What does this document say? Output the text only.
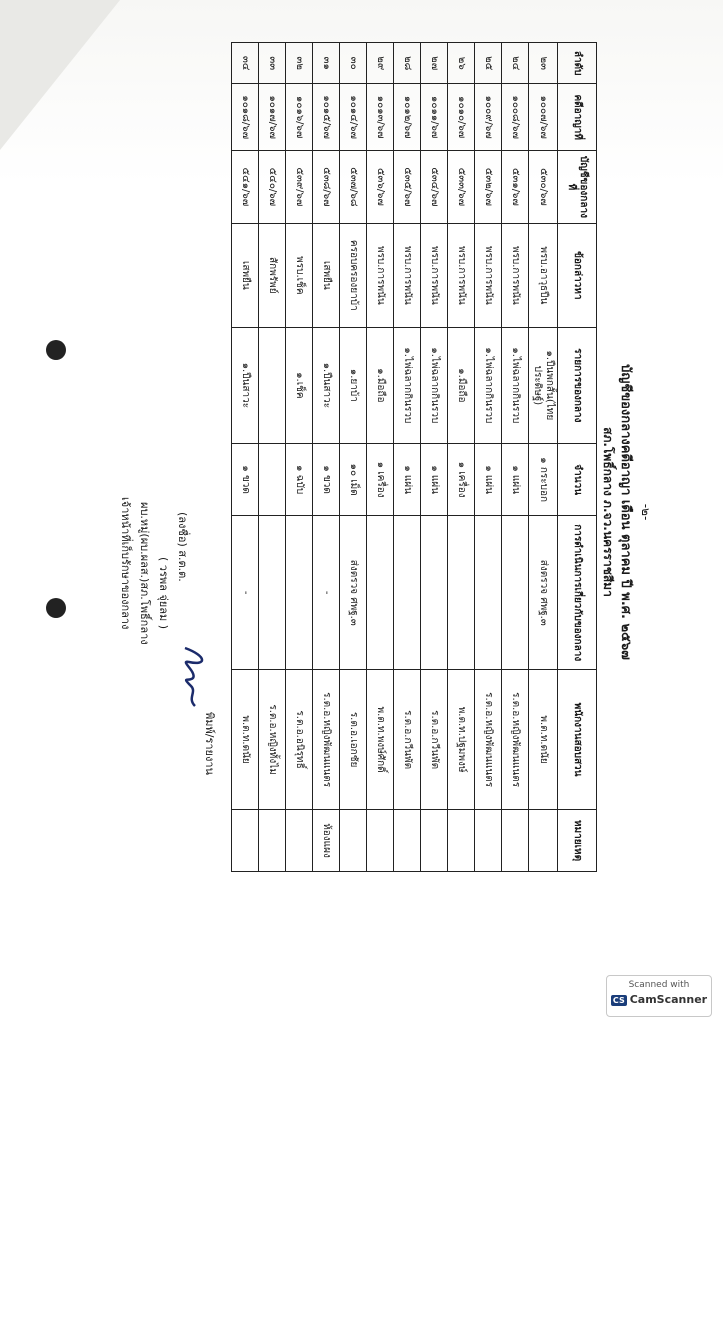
-๒-
บัญชีของกลางคดีอาญา เดือน ตุลาคม ปี พ.ศ. ๒๕๖๗
สภ.โพธิ์กลาง ภ.จว.นครราชสีมา
ลำดับ	คดีอาญาที่	บัญชีของกลางที่	ข้อกล่าวหา	รายการของกลาง	จำนวน	การดำเนินการเกี่ยวกับของกลาง	พนักงานสอบสวน	หมายเหตุ
๒๓	๑๐๐๗/๖๗	๕๓๐/๖๗	พรบ.อาวุธปืน	๑.ปืนพกสั้น(ไทยประดิษฐ์)	๑ กระบอก	ส่งตรวจ ศพฐ.๓	พ.ต.ท.ดนัย	
๒๔	๑๐๐๘/๖๗	๕๓๑/๖๗	พรบ.การพนัน	๑.ไพ่ฉลากกินรวบ	๑ แผ่น		ร.ต.อ.หญิงพัฒนแนตร	
๒๕	๑๐๐๙/๖๗	๕๓๒/๖๗	พรบ.การพนัน	๑.ไพ่ฉลากกินรวบ	๑ แผ่น		ร.ต.อ.หญิงพัฒนแนตร	
๒๖	๑๐๑๐/๖๗	๕๓๓/๖๗	พรบ.การพนัน	๑.มือถือ	๑ เครื่อง		พ.ต.ท.ปฐมพงษ์	
๒๗	๑๐๑๑/๖๗	๕๓๔/๖๗	พรบ.การพนัน	๑.ไพ่ฉลากกินรวบ	๑ แผ่น		ร.ต.อ.กวีนพัต	
๒๘	๑๐๑๒/๖๗	๕๓๕/๖๗	พรบ.การพนัน	๑.ไพ่ฉลากกินรวบ	๑ แผ่น		ร.ต.อ.กวีนพัต	
๒๙	๑๐๑๓/๖๗	๕๓๖/๖๗	พรบ.การพนัน	๑.มือถือ	๑ เครื่อง		พ.ต.ท.พงษ์ศักดิ์	
๓๐	๑๐๑๔/๖๗	๕๓๗/๖๘	ครอบครองยาบ้า	๑.ยาบ้า	๑๐ เม็ด	ส่งตรวจ ศพฐ.๓	ร.ต.อ.เอกชัย	
๓๑	๑๐๑๕/๖๗	๕๓๘/๖๗	เสพยืน	๑.ปืนสาวะ	๑ ขวด	-	ร.ต.อ.หญิงพัฒนแนตร	ห้องแผง
๓๒	๑๐๑๖/๖๗	๕๓๙/๖๗	พรบ.เช็ค	๑.เช็ค	๑ ฉบับ		ร.ต.อ.อนิรุทธิ์	
๓๓	๑๐๑๗/๖๗	๕๔๐/๖๗	สักพรัพย์				ร.ต.อ.หญิงทั้งไม	
๓๔	๑๐๑๘/๖๗	๕๔๑/๖๗	เสพยืน	๑.ปืนสาวะ	๑ ขวด	-	พ.ต.ท.ดนัย	
พิมพ์/รายงาน
(ลงชื่อ) ส.ต.ต.
( วรพล จุ่ยลม )
ผบ.หมู่(ผบ.ผลส.)สภ.โพธิ์กลาง
เจ้าหน้าที่เก็บรักษาของกลาง
Scanned with
CS CamScanner
